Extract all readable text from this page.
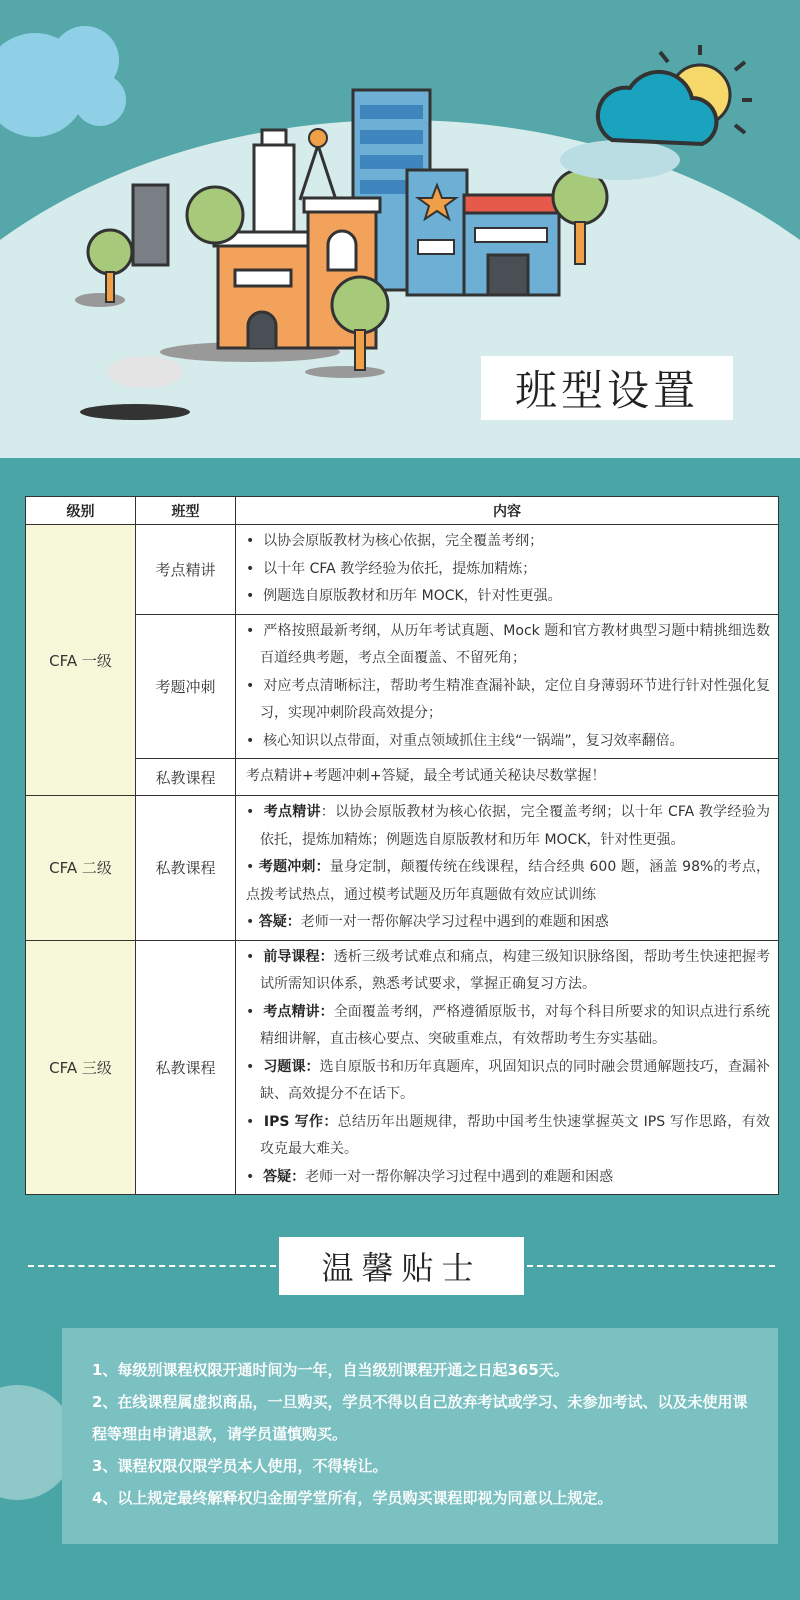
班型设置
级别	班型	内容
CFA 一级	考点精讲	•  以协会原版教材为核心依据，完全覆盖考纲；
•  以十年 CFA 教学经验为依托，提炼加精炼；
•  例题选自原版教材和历年 MOCK，针对性更强。

	考题冲刺	•  严格按照最新考纲，从历年考试真题、Mock 题和官方教材典型习题中精挑细选数百道经典考题，考点全面覆盖、不留死角；
•  对应考点清晰标注，帮助考生精准查漏补缺，定位自身薄弱环节进行针对性强化复习，实现冲刺阶段高效提分；
•  核心知识以点带面，对重点领域抓住主线“一锅端”，复习效率翻倍。

	私教课程	考点精讲+考题冲刺+答疑，最全考试通关秘诀尽数掌握！
CFA 二级	私教课程	•  考点精讲：以协会原版教材为核心依据，完全覆盖考纲；以十年 CFA 教学经验为依托，提炼加精炼；例题选自原版教材和历年 MOCK，针对性更强。
• 考题冲刺：量身定制，颠覆传统在线课程，结合经典 600 题，涵盖 98%的考点，点拨考试热点，通过模考试题及历年真题做有效应试训练
• 答疑：老师一对一帮你解决学习过程中遇到的难题和困惑

CFA 三级	私教课程	•  前导课程：透析三级考试难点和痛点，构建三级知识脉络图，帮助考生快速把握考试所需知识体系，熟悉考试要求，掌握正确复习方法。
•  考点精讲：全面覆盖考纲，严格遵循原版书，对每个科目所要求的知识点进行系统精细讲解，直击核心要点、突破重难点，有效帮助考生夯实基础。
•  习题课：选自原版书和历年真题库，巩固知识点的同时融会贯通解题技巧，查漏补缺、高效提分不在话下。
•  IPS 写作：总结历年出题规律，帮助中国考生快速掌握英文 IPS 写作思路，有效攻克最大难关。
•  答疑：老师一对一帮你解决学习过程中遇到的难题和困惑
温馨贴士

1、每级别课程权限开通时间为一年，自当级别课程开通之日起365天。

2、在线课程属虚拟商品，一旦购买，学员不得以自己放弃考试或学习、未参加考试、以及未使用课程等理由申请退款，请学员谨慎购买。

3、课程权限仅限学员本人使用，不得转让。

4、以上规定最终解释权归金囿学堂所有，学员购买课程即视为同意以上规定。
